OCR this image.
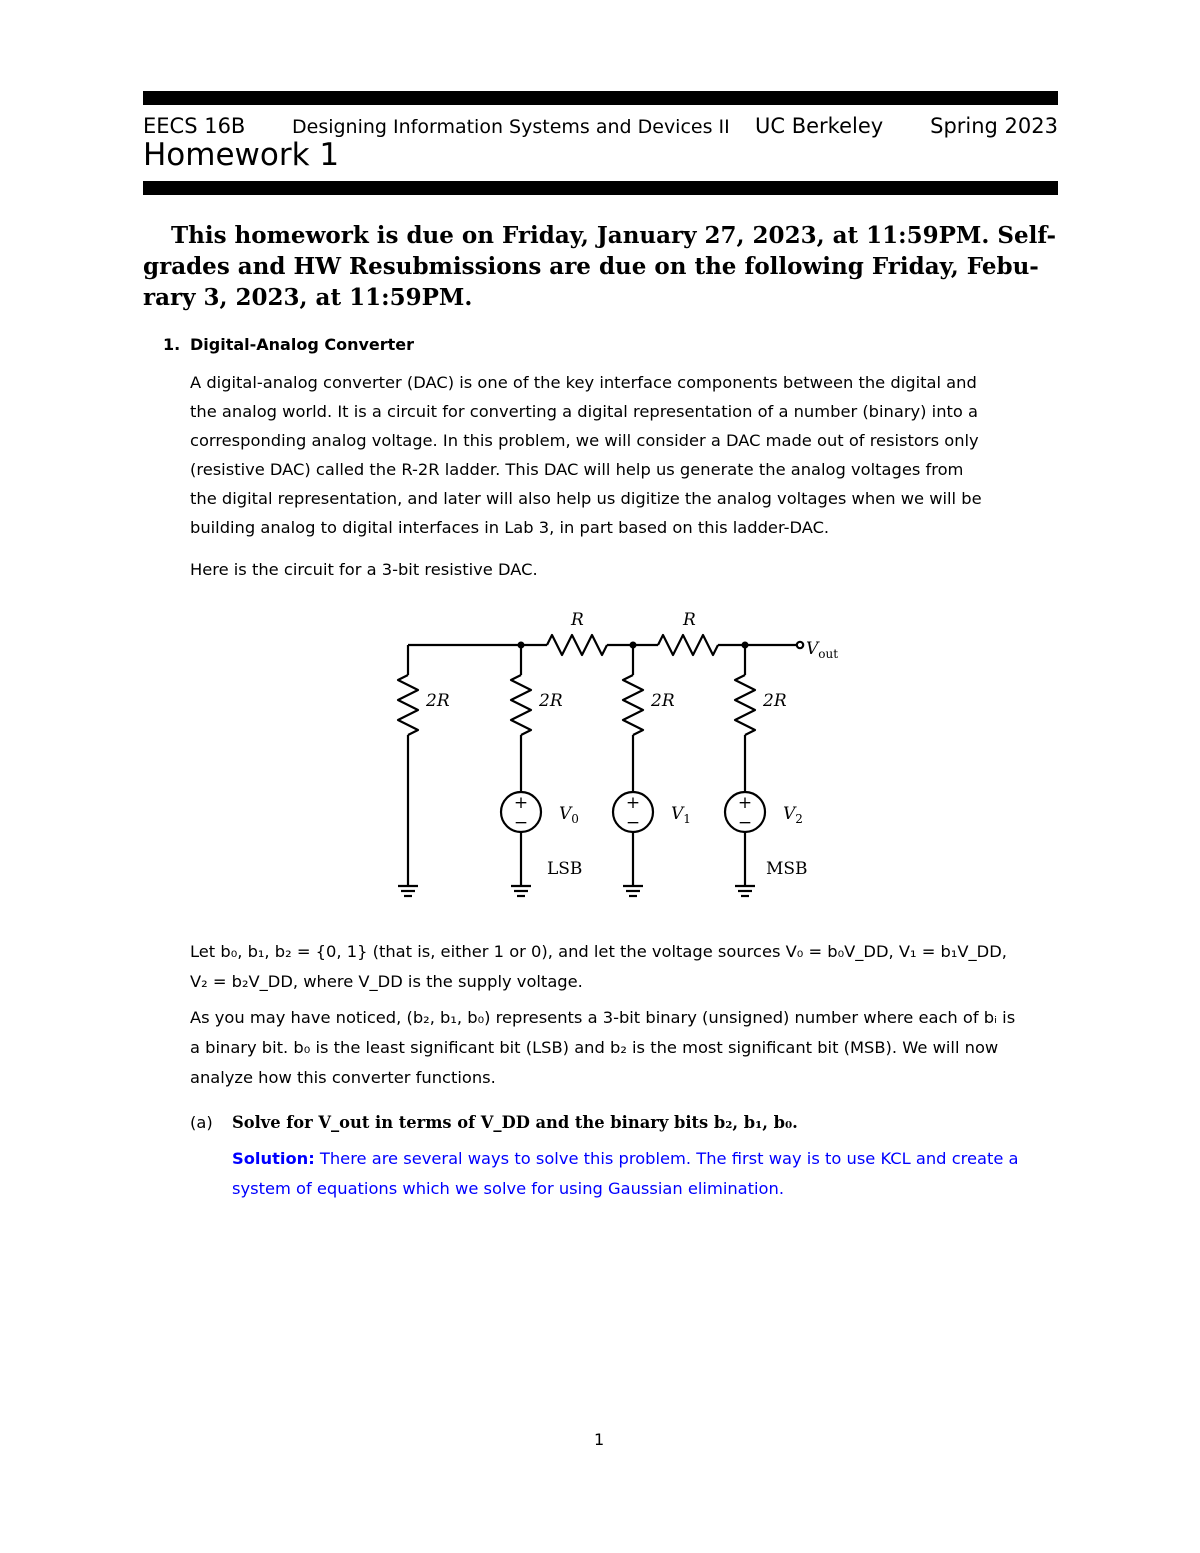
EECS 16B Designing Information Systems and Devices II UC Berkeley Spring 2023
Homework 1
This homework is due on Friday, January 27, 2023, at 11:59PM. Self-
grades and HW Resubmissions are due on the following Friday, Febu-
rary 3, 2023, at 11:59PM.
1. Digital-Analog Converter
A digital-analog converter (DAC) is one of the key interface components between the digital and
the analog world. It is a circuit for converting a digital representation of a number (binary) into a
corresponding analog voltage. In this problem, we will consider a DAC made out of resistors only
(resistive DAC) called the R-2R ladder. This DAC will help us generate the analog voltages from
the digital representation, and later will also help us digitize the analog voltages when we will be
building analog to digital interfaces in Lab 3, in part based on this ladder-DAC.
Here is the circuit for a 3-bit resistive DAC.
R	R
2R	2R	2R	2R
$V_{out}$
$V_0$	$V_1$	$V_2$
LSB	MSB
+
−
+
−
+
−
Let b₀, b₁, b₂ = {0, 1} (that is, either 1 or 0), and let the voltage sources V₀ = b₀V_DD, V₁ = b₁V_DD,
V₂ = b₂V_DD, where V_DD is the supply voltage.
As you may have noticed, (b₂, b₁, b₀) represents a 3-bit binary (unsigned) number where each of bᵢ is
a binary bit. b₀ is the least significant bit (LSB) and b₂ is the most significant bit (MSB). We will now
analyze how this converter functions.
(a) Solve for V_out in terms of V_DD and the binary bits b₂, b₁, b₀.
Solution: There are several ways to solve this problem. The first way is to use KCL and create a
system of equations which we solve for using Gaussian elimination.
1
